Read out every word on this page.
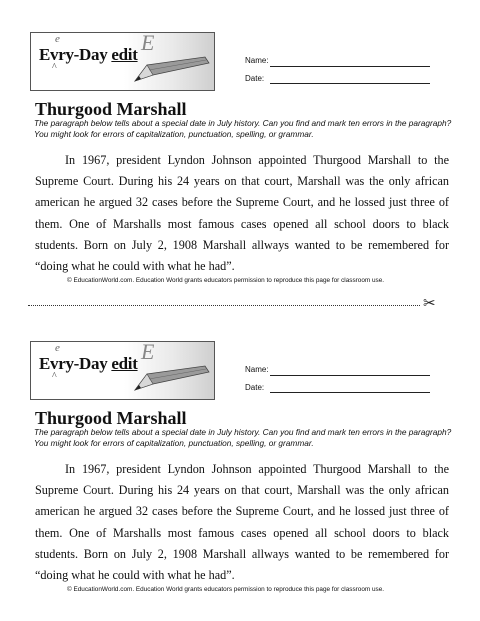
e	E
Evry-Day edit
^
Name:
Date:
Thurgood Marshall
The paragraph below tells about a special date in July history. Can you find and mark ten errors in the paragraph? You might look for errors of capitalization, punctuation, spelling, or grammar.
In 1967, president Lyndon Johnson appointed Thurgood Marshall to the Supreme Court. During his 24 years on that court, Marshall was the only african american he argued 32 cases before the Supreme Court, and he lossed just three of them. One of Marshalls most famous cases opened all school doors to black students. Born on July 2, 1908 Marshall allways wanted to be remembered for “doing what he could with what he had”.
© EducationWorld.com. Education World grants educators permission to reproduce this page for classroom use.
✂
e	E
Evry-Day edit
^
Name:
Date:
Thurgood Marshall
The paragraph below tells about a special date in July history. Can you find and mark ten errors in the paragraph? You might look for errors of capitalization, punctuation, spelling, or grammar.
In 1967, president Lyndon Johnson appointed Thurgood Marshall to the Supreme Court. During his 24 years on that court, Marshall was the only african american he argued 32 cases before the Supreme Court, and he lossed just three of them. One of Marshalls most famous cases opened all school doors to black students. Born on July 2, 1908 Marshall allways wanted to be remembered for “doing what he could with what he had”.
© EducationWorld.com. Education World grants educators permission to reproduce this page for classroom use.
